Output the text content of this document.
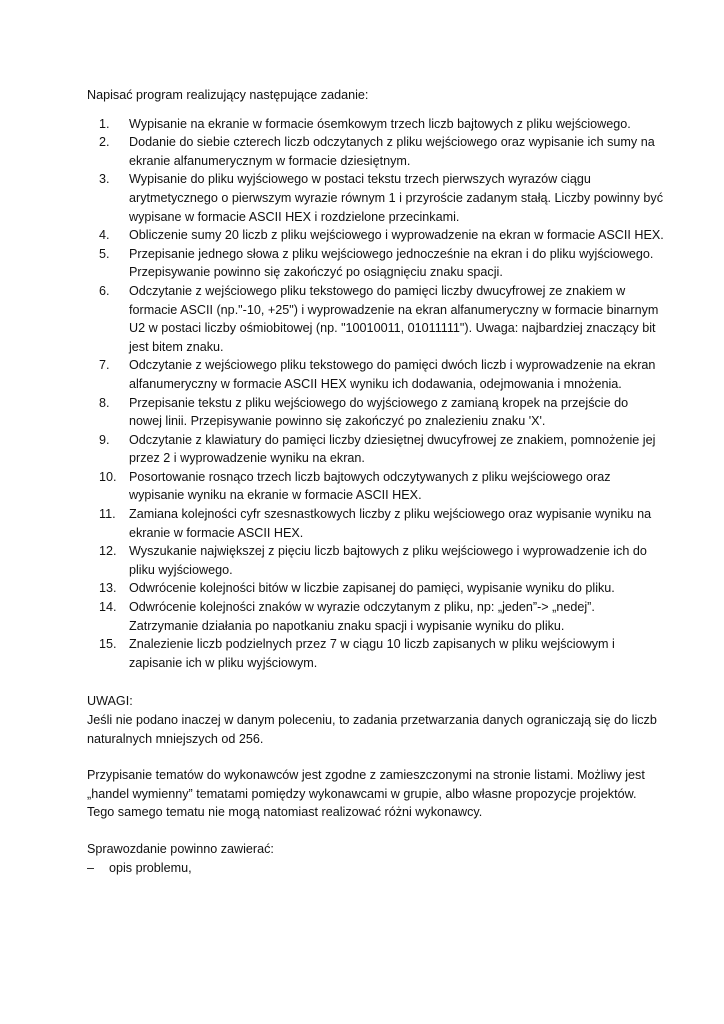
Napisać program realizujący następujące zadanie:

1.	Wypisanie na ekranie w formacie ósemkowym trzech liczb bajtowych z pliku wejściowego.
2.	Dodanie do siebie czterech liczb odczytanych z pliku wejściowego oraz wypisanie ich sumy na ekranie alfanumerycznym w formacie dziesiętnym.
3.	Wypisanie do pliku wyjściowego w postaci tekstu trzech pierwszych wyrazów ciągu arytmetycznego o pierwszym wyrazie równym 1 i przyroście zadanym stałą. Liczby powinny być wypisane w formacie ASCII HEX i rozdzielone przecinkami.
4.	Obliczenie sumy 20 liczb z pliku wejściowego i wyprowadzenie na ekran w formacie ASCII HEX.
5.	Przepisanie jednego słowa z pliku wejściowego jednocześnie na ekran i do pliku wyjściowego. Przepisywanie powinno się zakończyć po osiągnięciu znaku spacji.
6.	Odczytanie z wejściowego pliku tekstowego do pamięci liczby dwucyfrowej ze znakiem w formacie ASCII (np."-10, +25") i wyprowadzenie na ekran alfanumeryczny w formacie binarnym U2 w postaci liczby ośmiobitowej (np. "10010011, 01011111"). Uwaga: najbardziej znaczący bit jest bitem znaku.
7.	Odczytanie z wejściowego pliku tekstowego do pamięci dwóch liczb i wyprowadzenie na ekran alfanumeryczny w formacie ASCII HEX wyniku ich dodawania, odejmowania i mnożenia.
8.	Przepisanie tekstu z pliku wejściowego do wyjściowego z zamianą kropek na przejście do nowej linii. Przepisywanie powinno się zakończyć po znalezieniu znaku 'X'.
9.	Odczytanie z klawiatury do pamięci liczby dziesiętnej dwucyfrowej ze znakiem, pomnożenie jej przez 2 i wyprowadzenie wyniku na ekran.
10. Posortowanie rosnąco trzech liczb bajtowych odczytywanych z pliku wejściowego oraz wypisanie wyniku na ekranie w formacie ASCII HEX.
11.	Zamiana kolejności cyfr szesnastkowych liczby z pliku wejściowego oraz wypisanie wyniku na ekranie w formacie ASCII HEX.
12. Wyszukanie największej z pięciu liczb bajtowych z pliku wejściowego i wyprowadzenie ich do pliku wyjściowego.
13. Odwrócenie kolejności bitów w liczbie zapisanej do pamięci, wypisanie wyniku do pliku.
14. Odwrócenie kolejności znaków w wyrazie odczytanym z pliku, np: „jeden”-> „nedej”. Zatrzymanie działania po napotkaniu znaku spacji i wypisanie wyniku do pliku.
15. Znalezienie liczb podzielnych przez 7 w ciągu 10 liczb zapisanych w pliku wejściowym i zapisanie ich w pliku wyjściowym.

UWAGI:

Jeśli nie podano inaczej w danym poleceniu, to zadania przetwarzania danych ograniczają się do liczb naturalnych mniejszych od 256.

Przypisanie tematów do wykonawców jest zgodne z zamieszczonymi na stronie listami. Możliwy jest „handel wymienny” tematami pomiędzy wykonawcami w grupie, albo własne propozycje projektów. Tego samego tematu nie mogą natomiast realizować różni wykonawcy.

Sprawozdanie powinno zawierać:

– opis problemu,
